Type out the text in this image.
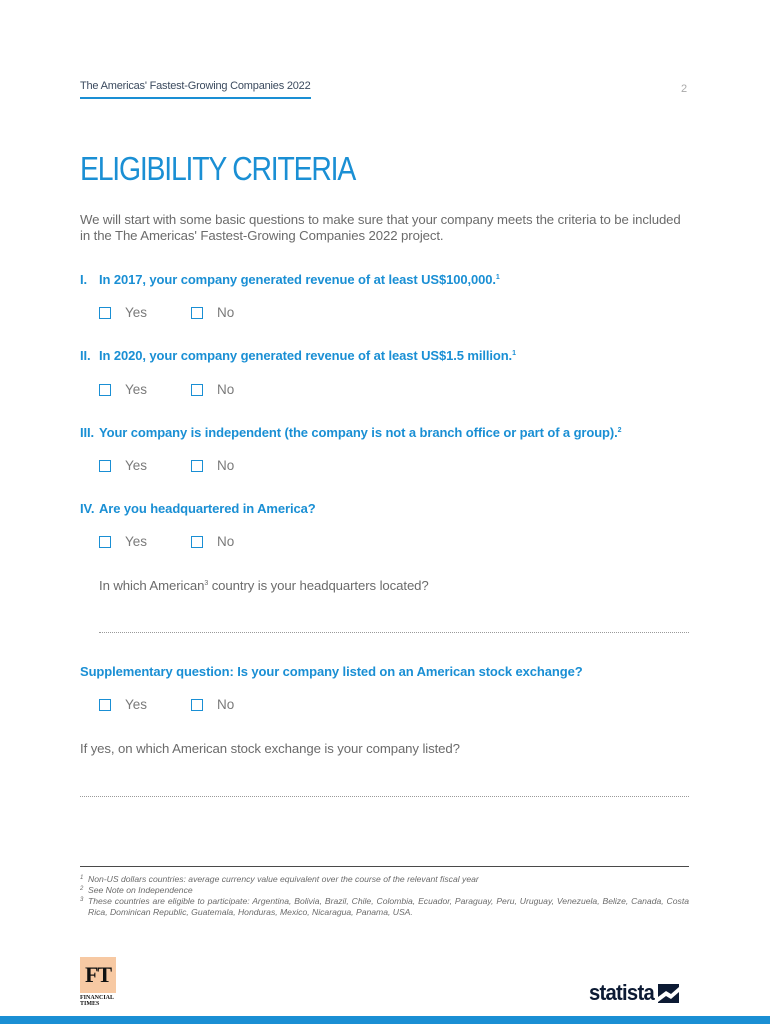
The Americas' Fastest-Growing Companies 2022	2
ELIGIBILITY CRITERIA

We will start with some basic questions to make sure that your company meets the criteria to be included in the The Americas' Fastest-Growing Companies 2022 project.

I. In 2017, your company generated revenue of at least US$100,000.$^1$
Yes	No
II. In 2020, your company generated revenue of at least US$1.5 million.$^1$
Yes	No
III. Your company is independent (the company is not a branch office or part of a group).$^2$
Yes	No
IV. Are you headquartered in America?
Yes	No
In which American$^3$ country is your headquarters located?
Supplementary question: Is your company listed on an American stock exchange?
Yes	No
If yes, on which American stock exchange is your company listed?
1 Non-US dollars countries: average currency value equivalent over the course of the relevant fiscal year
2 See Note on Independence
3 These countries are eligible to participate: Argentina, Bolivia, Brazil, Chile, Colombia, Ecuador, Paraguay, Peru, Uruguay, Venezuela, Belize, Canada, Costa Rica, Dominican Republic, Guatemala, Honduras, Mexico, Nicaragua, Panama, USA.
FT
FINANCIAL
TIMES	statista
